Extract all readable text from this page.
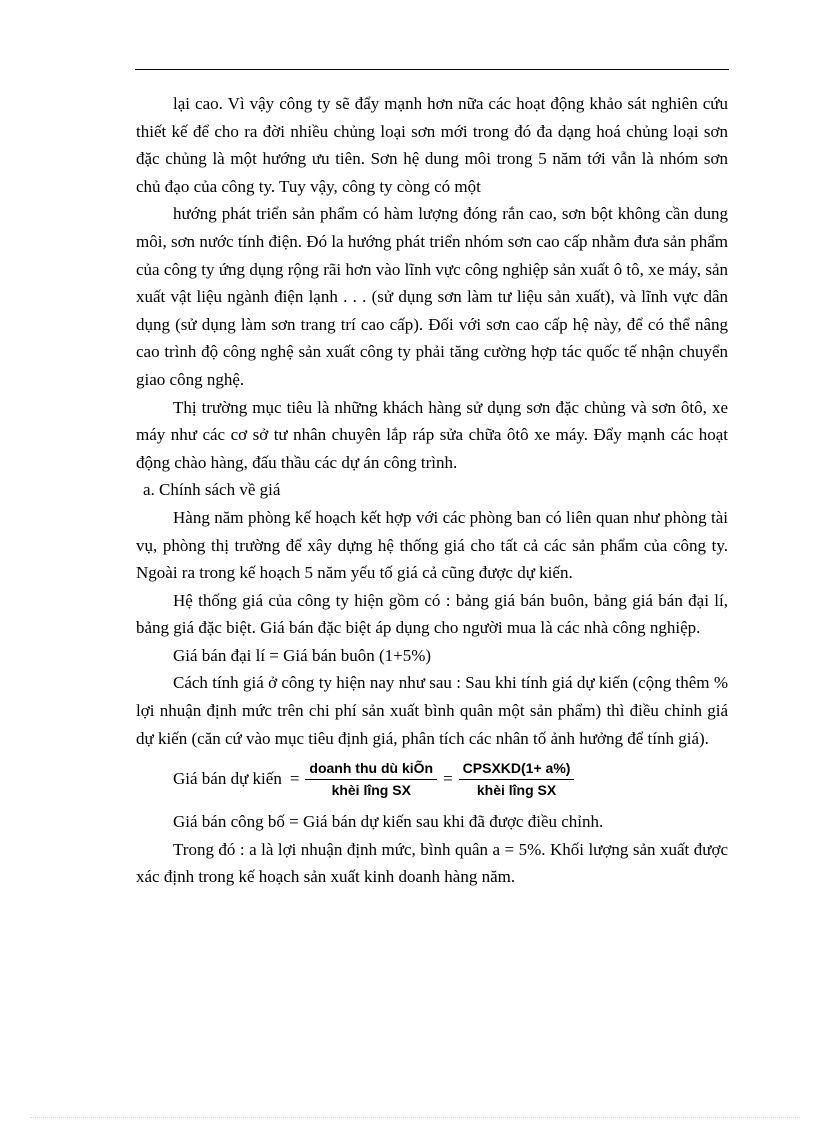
lại cao. Vì vậy công ty sẽ đẩy mạnh hơn nữa các hoạt động khảo sát nghiên cứu thiết kế để cho ra đời nhiều chủng loại sơn mới trong đó đa dạng hoá chủng loại sơn đặc chủng là một hướng ưu tiên. Sơn hệ dung môi trong 5 năm tới vẫn là nhóm sơn chủ đạo của công ty. Tuy vậy, công ty còng có một

hướng phát triển sản phẩm có hàm lượng đóng rắn cao, sơn bột không cần dung môi, sơn nước tính điện. Đó la hướng phát triển nhóm sơn cao cấp nhằm đưa sản phẩm của công ty ứng dụng rộng rãi hơn vào lĩnh vực công nghiệp sản xuất ô tô, xe máy, sản xuất vật liệu ngành điện lạnh . . . (sử dụng sơn làm tư liệu sản xuất), và lĩnh vực dân dụng (sử dụng làm sơn trang trí cao cấp). Đối với sơn cao cấp hệ này, để có thể nâng cao trình độ công nghệ sản xuất công ty phải tăng cường hợp tác quốc tế nhận chuyển giao công nghệ.

Thị trường mục tiêu là những khách hàng sử dụng sơn đặc chủng và sơn ôtô, xe máy như các cơ sở tư nhân chuyên lắp ráp sửa chữa ôtô xe máy. Đẩy mạnh các hoạt động chào hàng, đấu thầu các dự án công trình.

a. Chính sách về giá

Hàng năm phòng kế hoạch kết hợp với các phòng ban có liên quan như phòng tài vụ, phòng thị trường để xây dựng hệ thống giá cho tất cả các sản phẩm của công ty. Ngoài ra trong kế hoạch 5 năm yếu tố giá cả cũng được dự kiến.

Hệ thống giá của công ty hiện gồm có : bảng giá bán buôn, bảng giá bán đại lí, bảng giá đặc biệt. Giá bán đặc biệt áp dụng cho người mua là các nhà công nghiệp.

Giá bán đại lí = Giá bán buôn (1+5%)

Cách tính giá ở công ty hiện nay như sau : Sau khi tính giá dự kiến (cộng thêm % lợi nhuận định mức trên chi phí sản xuất bình quân một sản phẩm) thì điều chỉnh giá dự kiến (căn cứ vào mục tiêu định giá, phân tích các nhân tố ảnh hưởng để tính giá).

Giá bán dự kiến = $\frac{\text{doanh thu dù kiÕn}}{\text{khèi lîng SX}} = \frac{\text{CPSXKD(1+ a\%)}}{\text{khèi lîng SX}}$

Giá bán công bố = Giá bán dự kiến sau khi đã được điều chỉnh.

Trong đó : a là lợi nhuận định mức, bình quân a = 5%. Khối lượng sản xuất được xác định trong kế hoạch sản xuất kinh doanh hàng năm.
